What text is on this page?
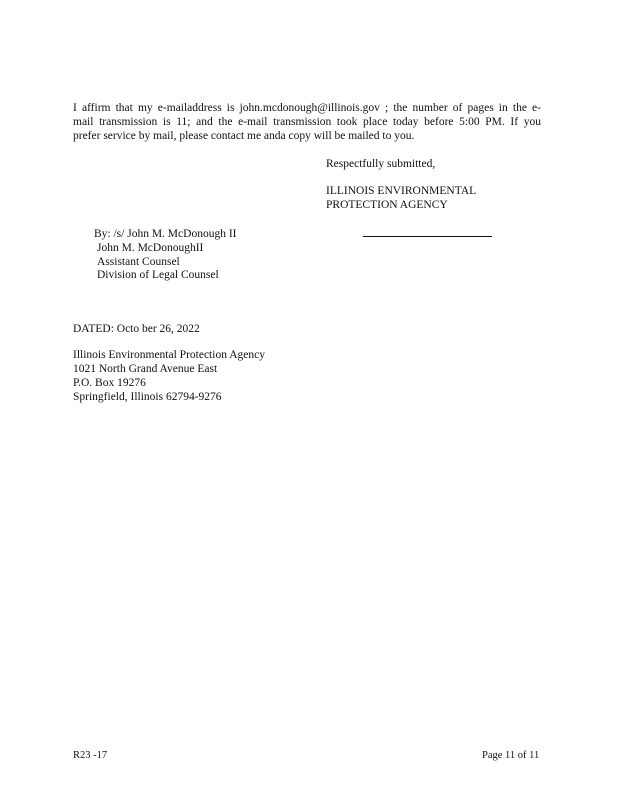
I affirm that my e-mailaddress is john.mcdonough@illinois.gov ; the number of pages in the e-
mail transmission is 11; and the e-mail transmission took place today before 5:00 PM. If you
prefer service by mail, please contact me anda copy will be mailed to you.
Respectfully submitted,
ILLINOIS ENVIRONMENTAL
PROTECTION AGENCY
By: /s/ John M. McDonough II
John M. McDonoughII
Assistant Counsel
Division of Legal Counsel
DATED: Octo ber 26, 2022
Illinois Environmental Protection Agency
1021 North Grand Avenue East
P.O. Box 19276
Springfield, Illinois 62794-9276
R23 -17	Page 11 of 11
